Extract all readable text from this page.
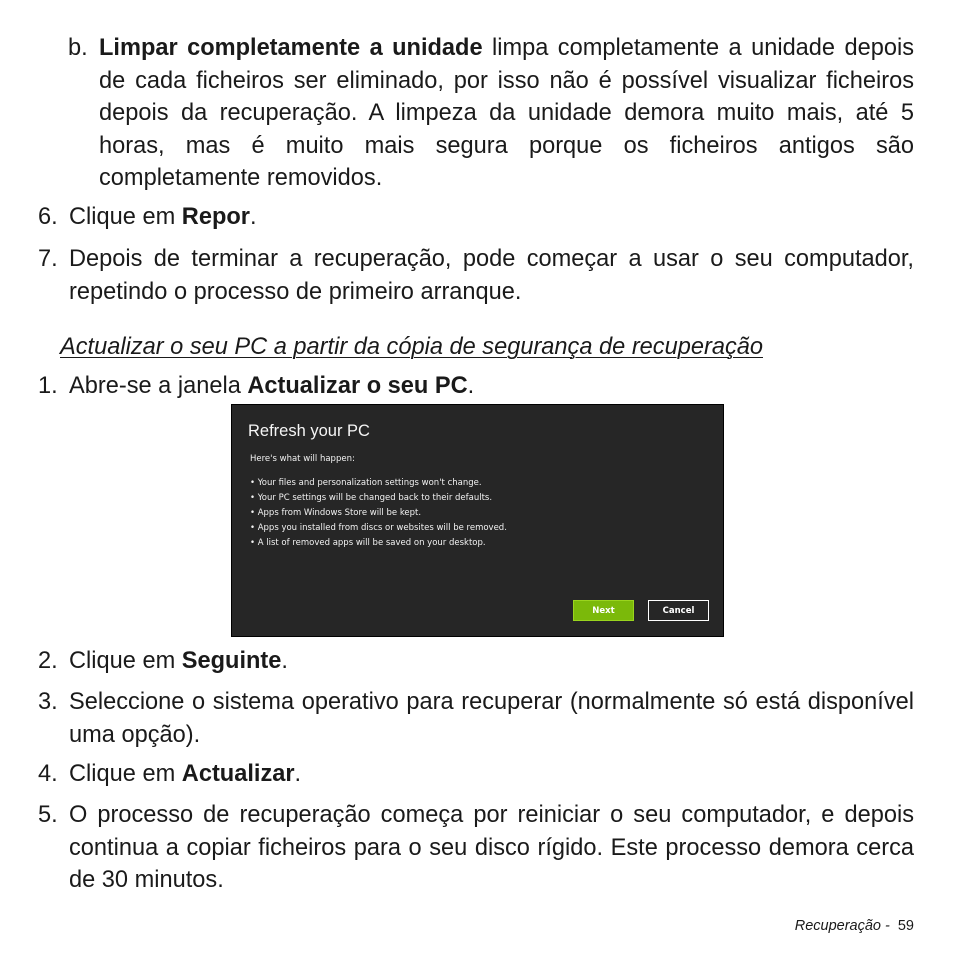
b. Limpar completamente a unidade limpa completamente a unidade depois de cada ficheiros ser eliminado, por isso não é possível visualizar ficheiros depois da recuperação. A limpeza da unidade demora muito mais, até 5 horas, mas é muito mais segura porque os ficheiros antigos são completamente removidos.
6. Clique em Repor.
7. Depois de terminar a recuperação, pode começar a usar o seu computador, repetindo o processo de primeiro arranque.
Actualizar o seu PC a partir da cópia de segurança de recuperação
1. Abre-se a janela Actualizar o seu PC.
Refresh your PC
Here's what will happen:
• Your files and personalization settings won't change.
• Your PC settings will be changed back to their defaults.
• Apps from Windows Store will be kept.
• Apps you installed from discs or websites will be removed.
• A list of removed apps will be saved on your desktop.
Next	Cancel
2. Clique em Seguinte.
3. Seleccione o sistema operativo para recuperar (normalmente só está disponível uma opção).
4. Clique em Actualizar.
5. O processo de recuperação começa por reiniciar o seu computador, e depois continua a copiar ficheiros para o seu disco rígido. Este processo demora cerca de 30 minutos.
Recuperação - 59
